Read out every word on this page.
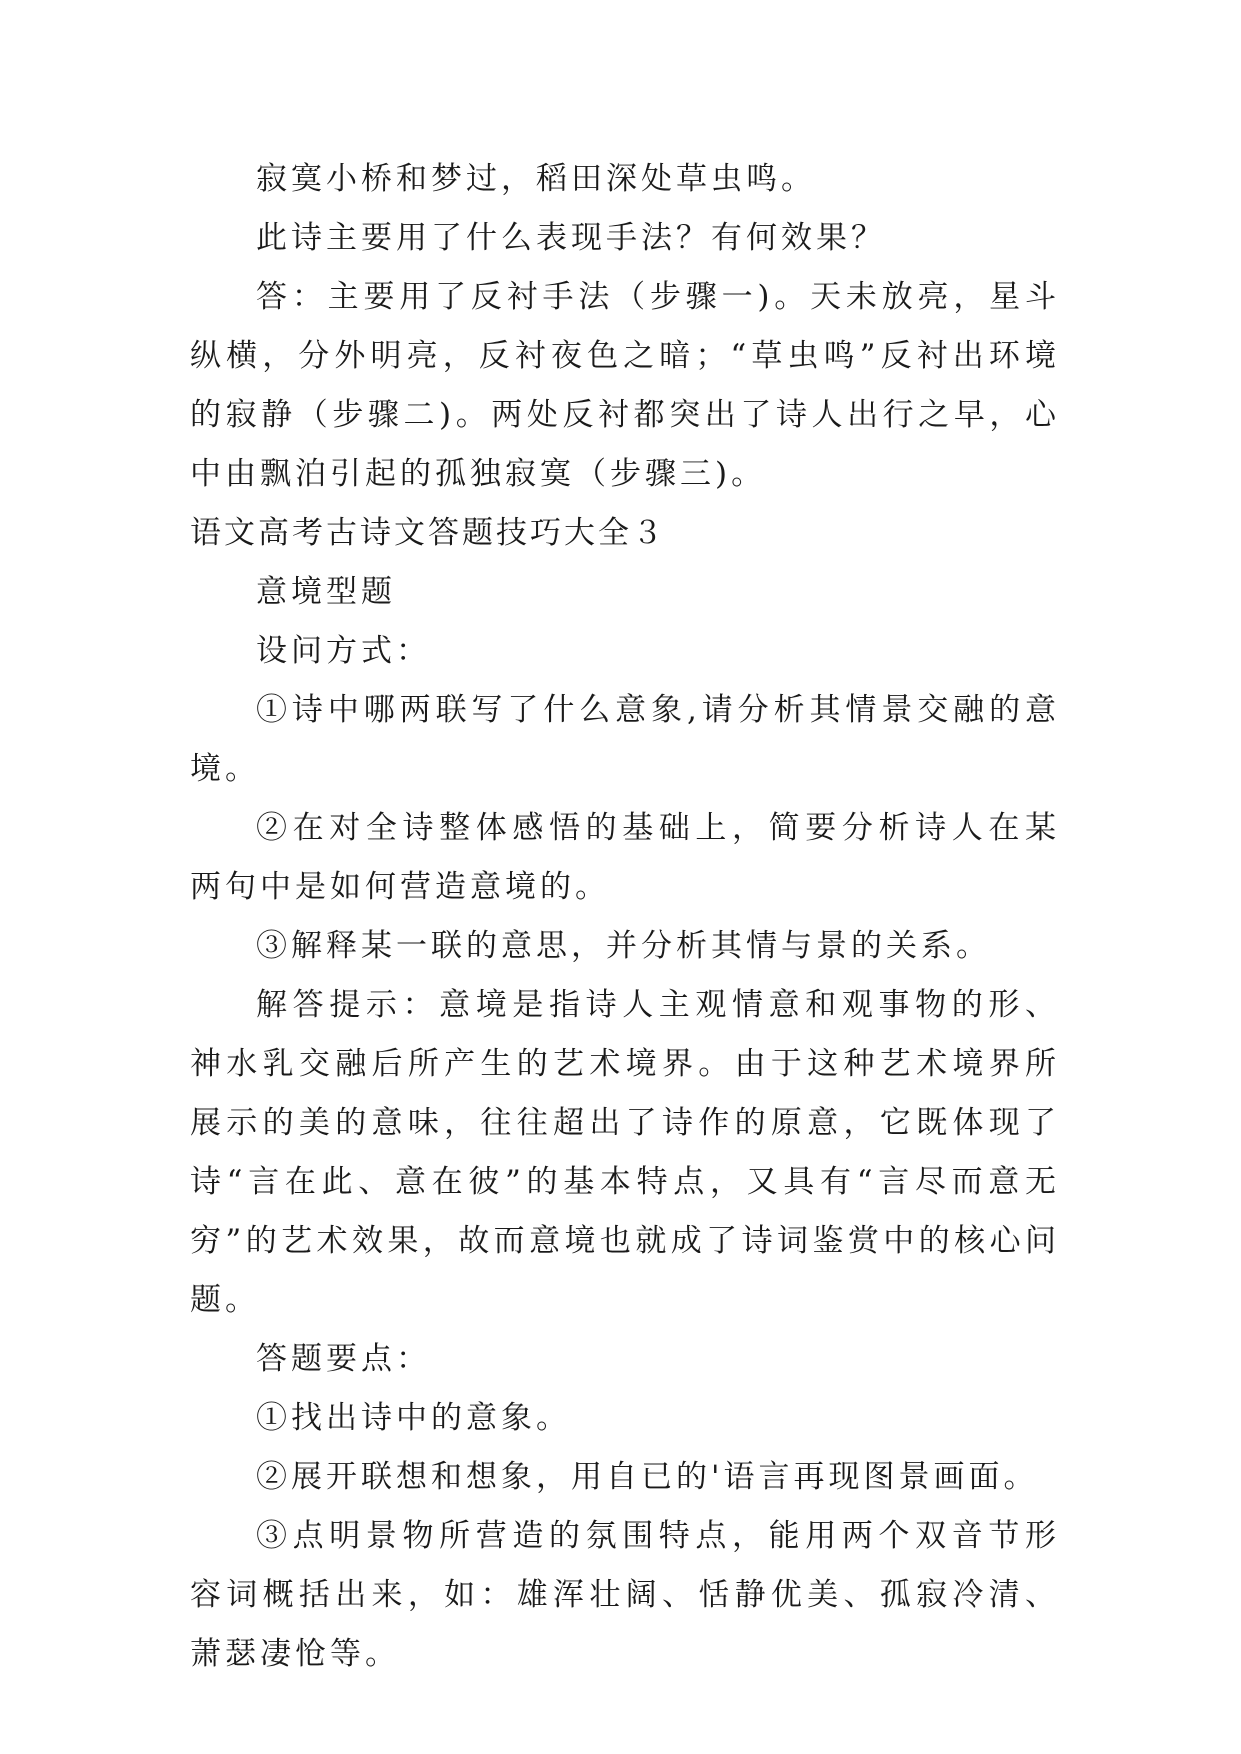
寂寞小桥和梦过，稻田深处草虫鸣。

此诗主要用了什么表现手法？有何效果？

答：主要用了反衬手法（步骤一)。天未放亮，星斗纵横，分外明亮，反衬夜色之暗；“草虫鸣”反衬出环境的寂静（步骤二)。两处反衬都突出了诗人出行之早，心中由飘泊引起的孤独寂寞（步骤三)。

语文高考古诗文答题技巧大全３

意境型题

设问方式：

①诗中哪两联写了什么意象,请分析其情景交融的意境。

②在对全诗整体感悟的基础上，简要分析诗人在某两句中是如何营造意境的。

③解释某一联的意思，并分析其情与景的关系。

解答提示：意境是指诗人主观情意和观事物的形、神水乳交融后所产生的艺术境界。由于这种艺术境界所展示的美的意味，往往超出了诗作的原意，它既体现了诗“言在此、意在彼”的基本特点，又具有“言尽而意无穷”的艺术效果，故而意境也就成了诗词鉴赏中的核心问题。

答题要点：

①找出诗中的意象。

②展开联想和想象，用自已的'语言再现图景画面。

③点明景物所营造的氛围特点，能用两个双音节形容词概括出来，如：雄浑壮阔、恬静优美、孤寂冷清、萧瑟凄怆等。
